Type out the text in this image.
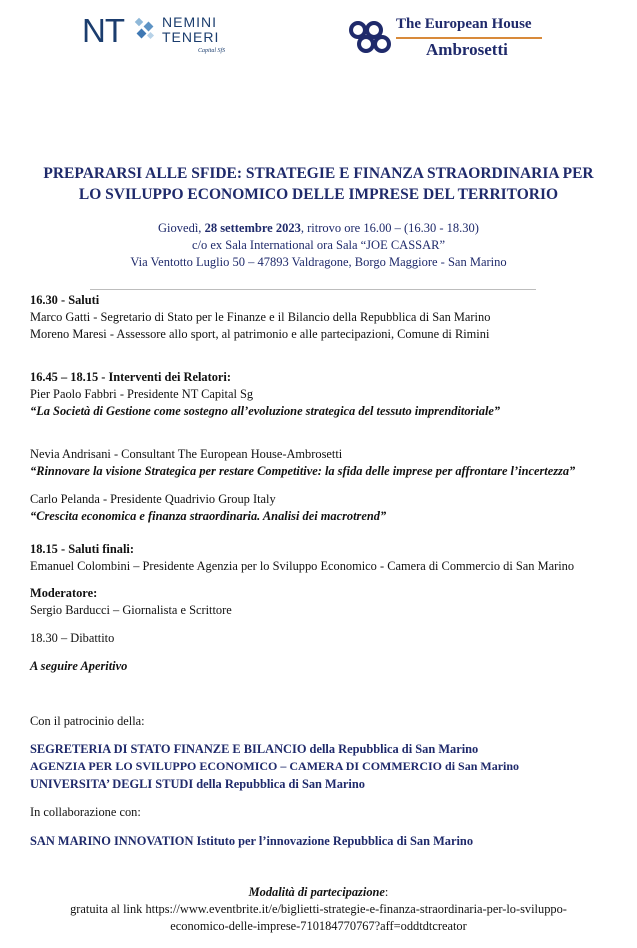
NT	NEMINI
TENERI
Capital SfS
The European House
Ambrosetti
PREPARARSI ALLE SFIDE: STRATEGIE E FINANZA STRAORDINARIA PER
LO SVILUPPO ECONOMICO DELLE IMPRESE DEL TERRITORIO
Giovedì, 28 settembre 2023, ritrovo ore 16.00 – (16.30 - 18.30)
c/o ex Sala International ora Sala “JOE CASSAR”
Via Ventotto Luglio 50 – 47893 Valdragone, Borgo Maggiore - San Marino
16.30 - Saluti
Marco Gatti - Segretario di Stato per le Finanze e il Bilancio della Repubblica di San Marino
Moreno Maresi - Assessore allo sport, al patrimonio e alle partecipazioni, Comune di Rimini
16.45 – 18.15 - Interventi dei Relatori:
Pier Paolo Fabbri - Presidente NT Capital Sg
“La Società di Gestione come sostegno all’evoluzione strategica del tessuto imprenditoriale”
Nevia Andrisani - Consultant The European House-Ambrosetti
“Rinnovare la visione Strategica per restare Competitive: la sfida delle imprese per affrontare l’incertezza”
Carlo Pelanda - Presidente Quadrivio Group Italy
“Crescita economica e finanza straordinaria. Analisi dei macrotrend”
18.15 - Saluti finali:
Emanuel Colombini – Presidente Agenzia per lo Sviluppo Economico - Camera di Commercio di San Marino
Moderatore:
Sergio Barducci – Giornalista e Scrittore
18.30 – Dibattito
A seguire Aperitivo
Con il patrocinio della:
SEGRETERIA DI STATO FINANZE E BILANCIO della Repubblica di San Marino
AGENZIA PER LO SVILUPPO ECONOMICO – CAMERA DI COMMERCIO di San Marino
UNIVERSITA’ DEGLI STUDI della Repubblica di San Marino
In collaborazione con:
SAN MARINO INNOVATION Istituto per l’innovazione Repubblica di San Marino
Modalità di partecipazione:
gratuita al link https://www.eventbrite.it/e/biglietti-strategie-e-finanza-straordinaria-per-lo-sviluppo-
economico-delle-imprese-710184770767?aff=oddtdtcreator
